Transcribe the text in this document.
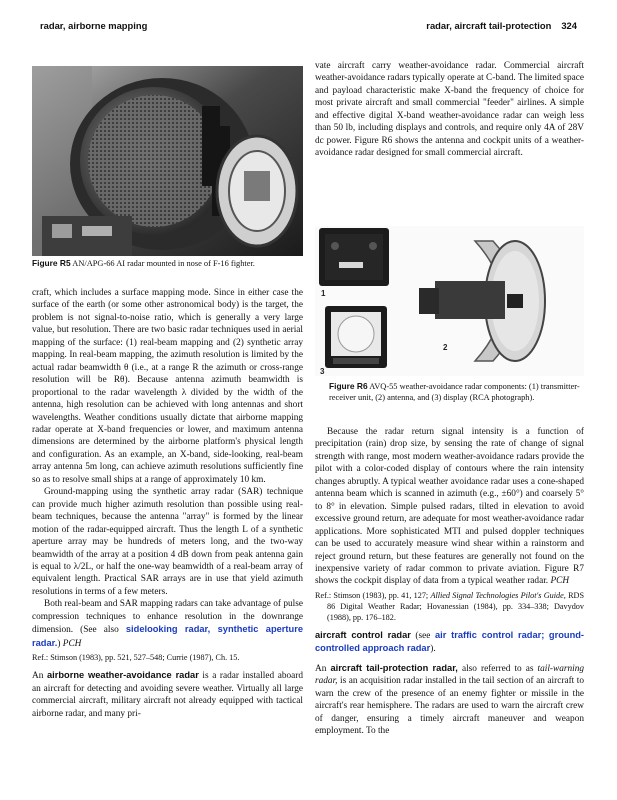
radar, airborne mapping	radar, aircraft tail-protection 324
Figure R5 AN/APG-66 AI radar mounted in nose of F-16 fighter.

craft, which includes a surface mapping mode. Since in either case the surface of the earth (or some other astronomical body) is the target, the problem is not signal-to-noise ratio, which is generally a very large value, but resolution. There are two basic radar techniques used in aerial mapping of the surface: (1) real-beam mapping and (2) synthetic array mapping. In real-beam mapping, the azimuth resolution is limited by the actual radar beamwidth θ (i.e., at a range R the azimuth or cross-range resolution will be Rθ). Because antenna azimuth beamwidth is proportional to the radar wavelength λ divided by the width of the antenna, high resolution can be achieved with long antennas and short wavelengths. Weather conditions usually dictate that airborne mapping radar operate at X-band frequencies or lower, and maximum antenna dimensions are determined by the airborne platform's physical length and configuration. As an example, an X-band, side-looking, real-beam array antenna 5m long, can achieve azimuth resolutions sufficiently fine so as to resolve small ships at a range of approximately 10 km.

Ground-mapping using the synthetic array radar (SAR) technique can provide much higher azimuth resolution than possible using real-beam techniques, because the antenna "array" is formed by the linear motion of the radar-equipped aircraft. Thus the length L of a synthetic aperture array may be hundreds of meters long, and the two-way beamwidth of the array at a position 4 dB down from peak antenna gain is equal to λ/2L, or half the one-way beamwidth of a real-beam array of equivalent length. Practical SAR arrays are in use that yield azimuth resolutions in terms of a few meters.

Both real-beam and SAR mapping radars can take advantage of pulse compression techniques to enhance resolution in the downrange dimension. (See also sidelooking radar, synthetic aperture radar.) PCH

Ref.: Stimson (1983), pp. 521, 527–548; Currie (1987), Ch. 15.

An airborne weather-avoidance radar is a radar installed aboard an aircraft for detecting and avoiding severe weather. Virtually all large commercial aircraft, military aircraft not already equipped with tactical airborne radar, and many pri-

vate aircraft carry weather-avoidance radar. Commercial aircraft weather-avoidance radars typically operate at C-band. The limited space and payload characteristic make X-band the frequency of choice for most private aircraft and small commercial "feeder" airlines. A simple and effective digital X-band weather-avoidance radar can weigh less than 50 lb, including displays and controls, and require only 4A of 28V dc power. Figure R6 shows the antenna and cockpit units of a weather-avoidance radar designed for small commercial aircraft.

1
3
2
Figure R6 AVQ-55 weather-avoidance radar components: (1) transmitter-receiver unit, (2) antenna, and (3) display (RCA photograph).

Because the radar return signal intensity is a function of precipitation (rain) drop size, by sensing the rate of change of signal strength with range, most modern weather-avoidance radars provide the pilot with a color-coded display of contours where the rain intensity changes abruptly. A typical weather avoidance radar uses a cone-shaped antenna beam which is scanned in azimuth (e.g., ±60°) and coarsely 5° to 8° in elevation. Simple pulsed radars, tilted in elevation to avoid excessive ground return, are adequate for most weather-avoidance radar applications. More sophisticated MTI and pulsed doppler techniques can be used to accurately measure wind shear within a rainstorm and reject ground return, but these features are generally not found on the inexpensive variety of radar common to private aviation. Figure R7 shows the cockpit display of data from a typical weather radar. PCH

Ref.: Stimson (1983), pp. 41, 127; Allied Signal Technologies Pilot's Guide, RDS 86 Digital Weather Radar; Hovanessian (1984), pp. 334–338; Davydov (1988), pp. 176–182.

aircraft control radar (see air traffic control radar; ground-controlled approach radar).

An aircraft tail-protection radar, also referred to as tail-warning radar, is an acquisition radar installed in the tail section of an aircraft to warn the crew of the presence of an enemy fighter or missile in the aircraft's rear hemisphere. The radars are used to warn the aircraft crew of danger, ensuring a timely aircraft maneuver and weapon employment. To the
